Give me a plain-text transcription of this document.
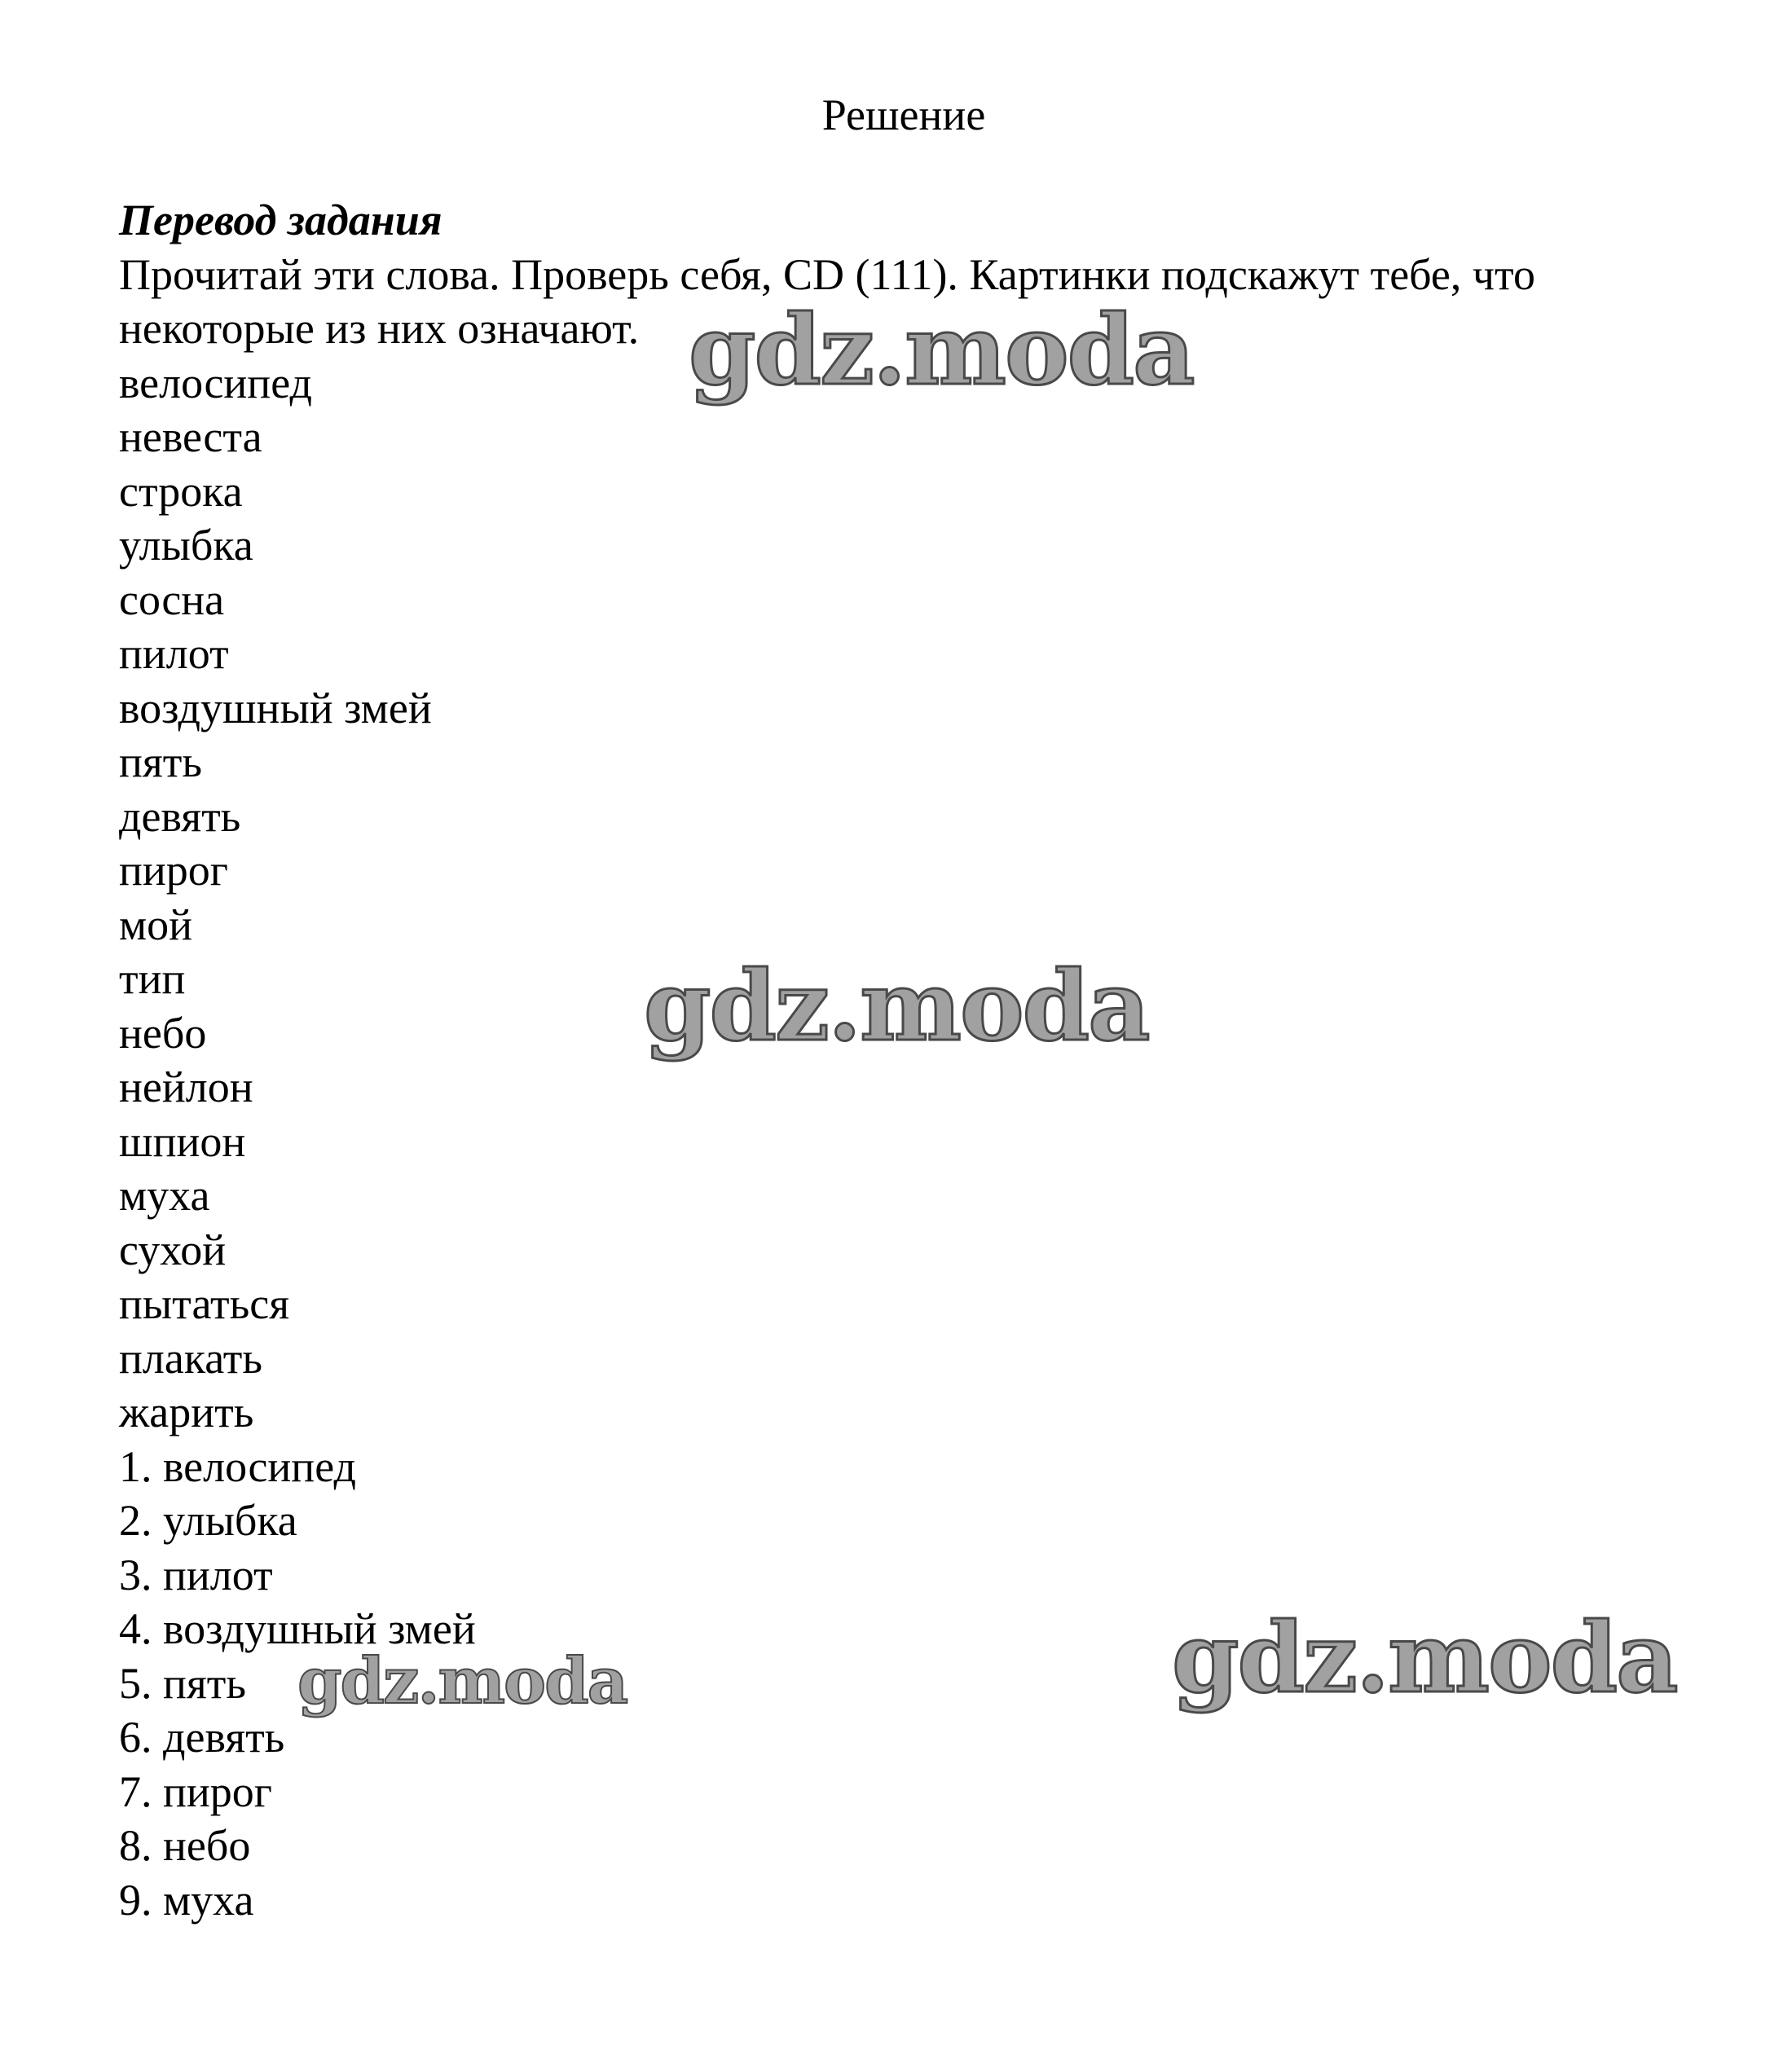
Решение
Перевод задания
Прочитай эти слова. Проверь себя, CD (111). Картинки подскажут тебе, что
некоторые из них означают.
велосипед
невеста
строка
улыбка
сосна
пилот
воздушный змей
пять
девять
пирог
мой
тип
небо
нейлон
шпион
муха
сухой
пытаться
плакать
жарить
1. велосипед
2. улыбка
3. пилот
4. воздушный змей
5. пять
6. девять
7. пирог
8. небо
9. муха
gdz.moda
gdz.moda
gdz.moda
gdz.moda
